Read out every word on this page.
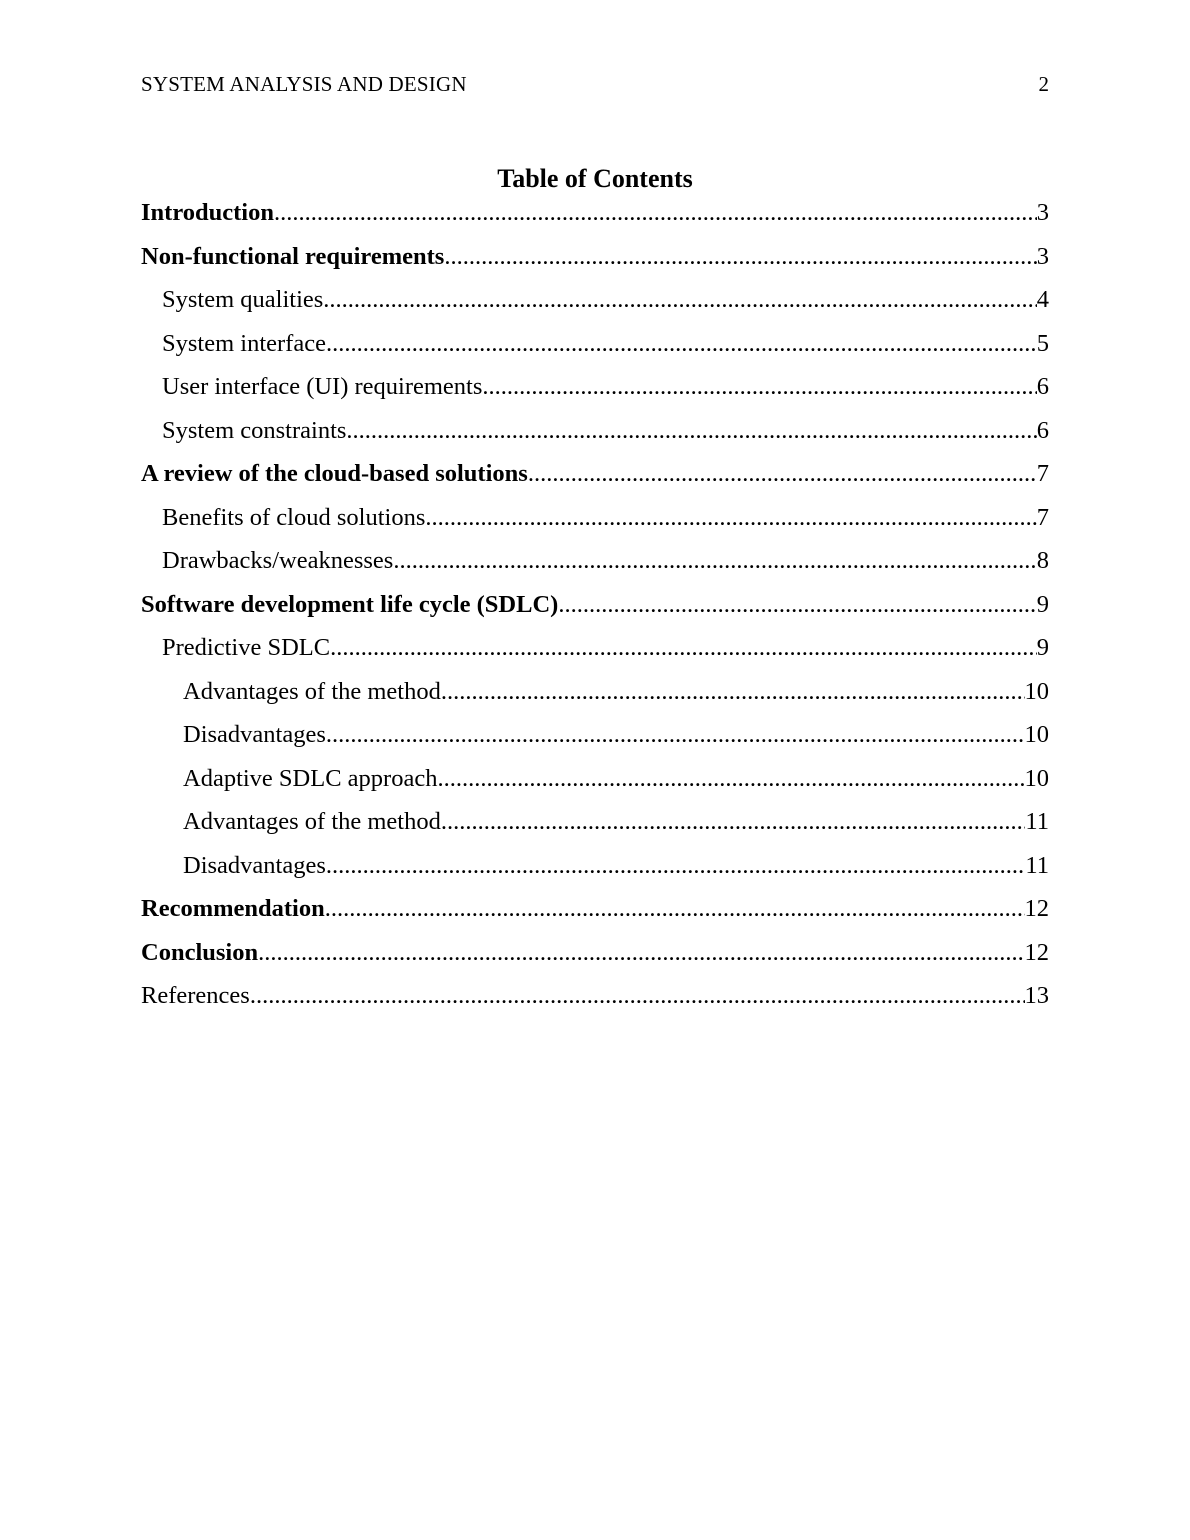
SYSTEM ANALYSIS AND DESIGN	2
Table of Contents
Introduction .....	3
Non-functional requirements .....	3
System qualities .....	4
System interface .....	5
User interface (UI) requirements .....	6
System constraints .....	6
A review of the cloud-based solutions .....	7
Benefits of cloud solutions .....	7
Drawbacks/weaknesses .....	8
Software development life cycle (SDLC) .....	9
Predictive SDLC .....	9
Advantages of the method .....	10
Disadvantages .....	10
Adaptive SDLC approach .....	10
Advantages of the method .....	11
Disadvantages .....	11
Recommendation .....	12
Conclusion .....	12
References .....	13
